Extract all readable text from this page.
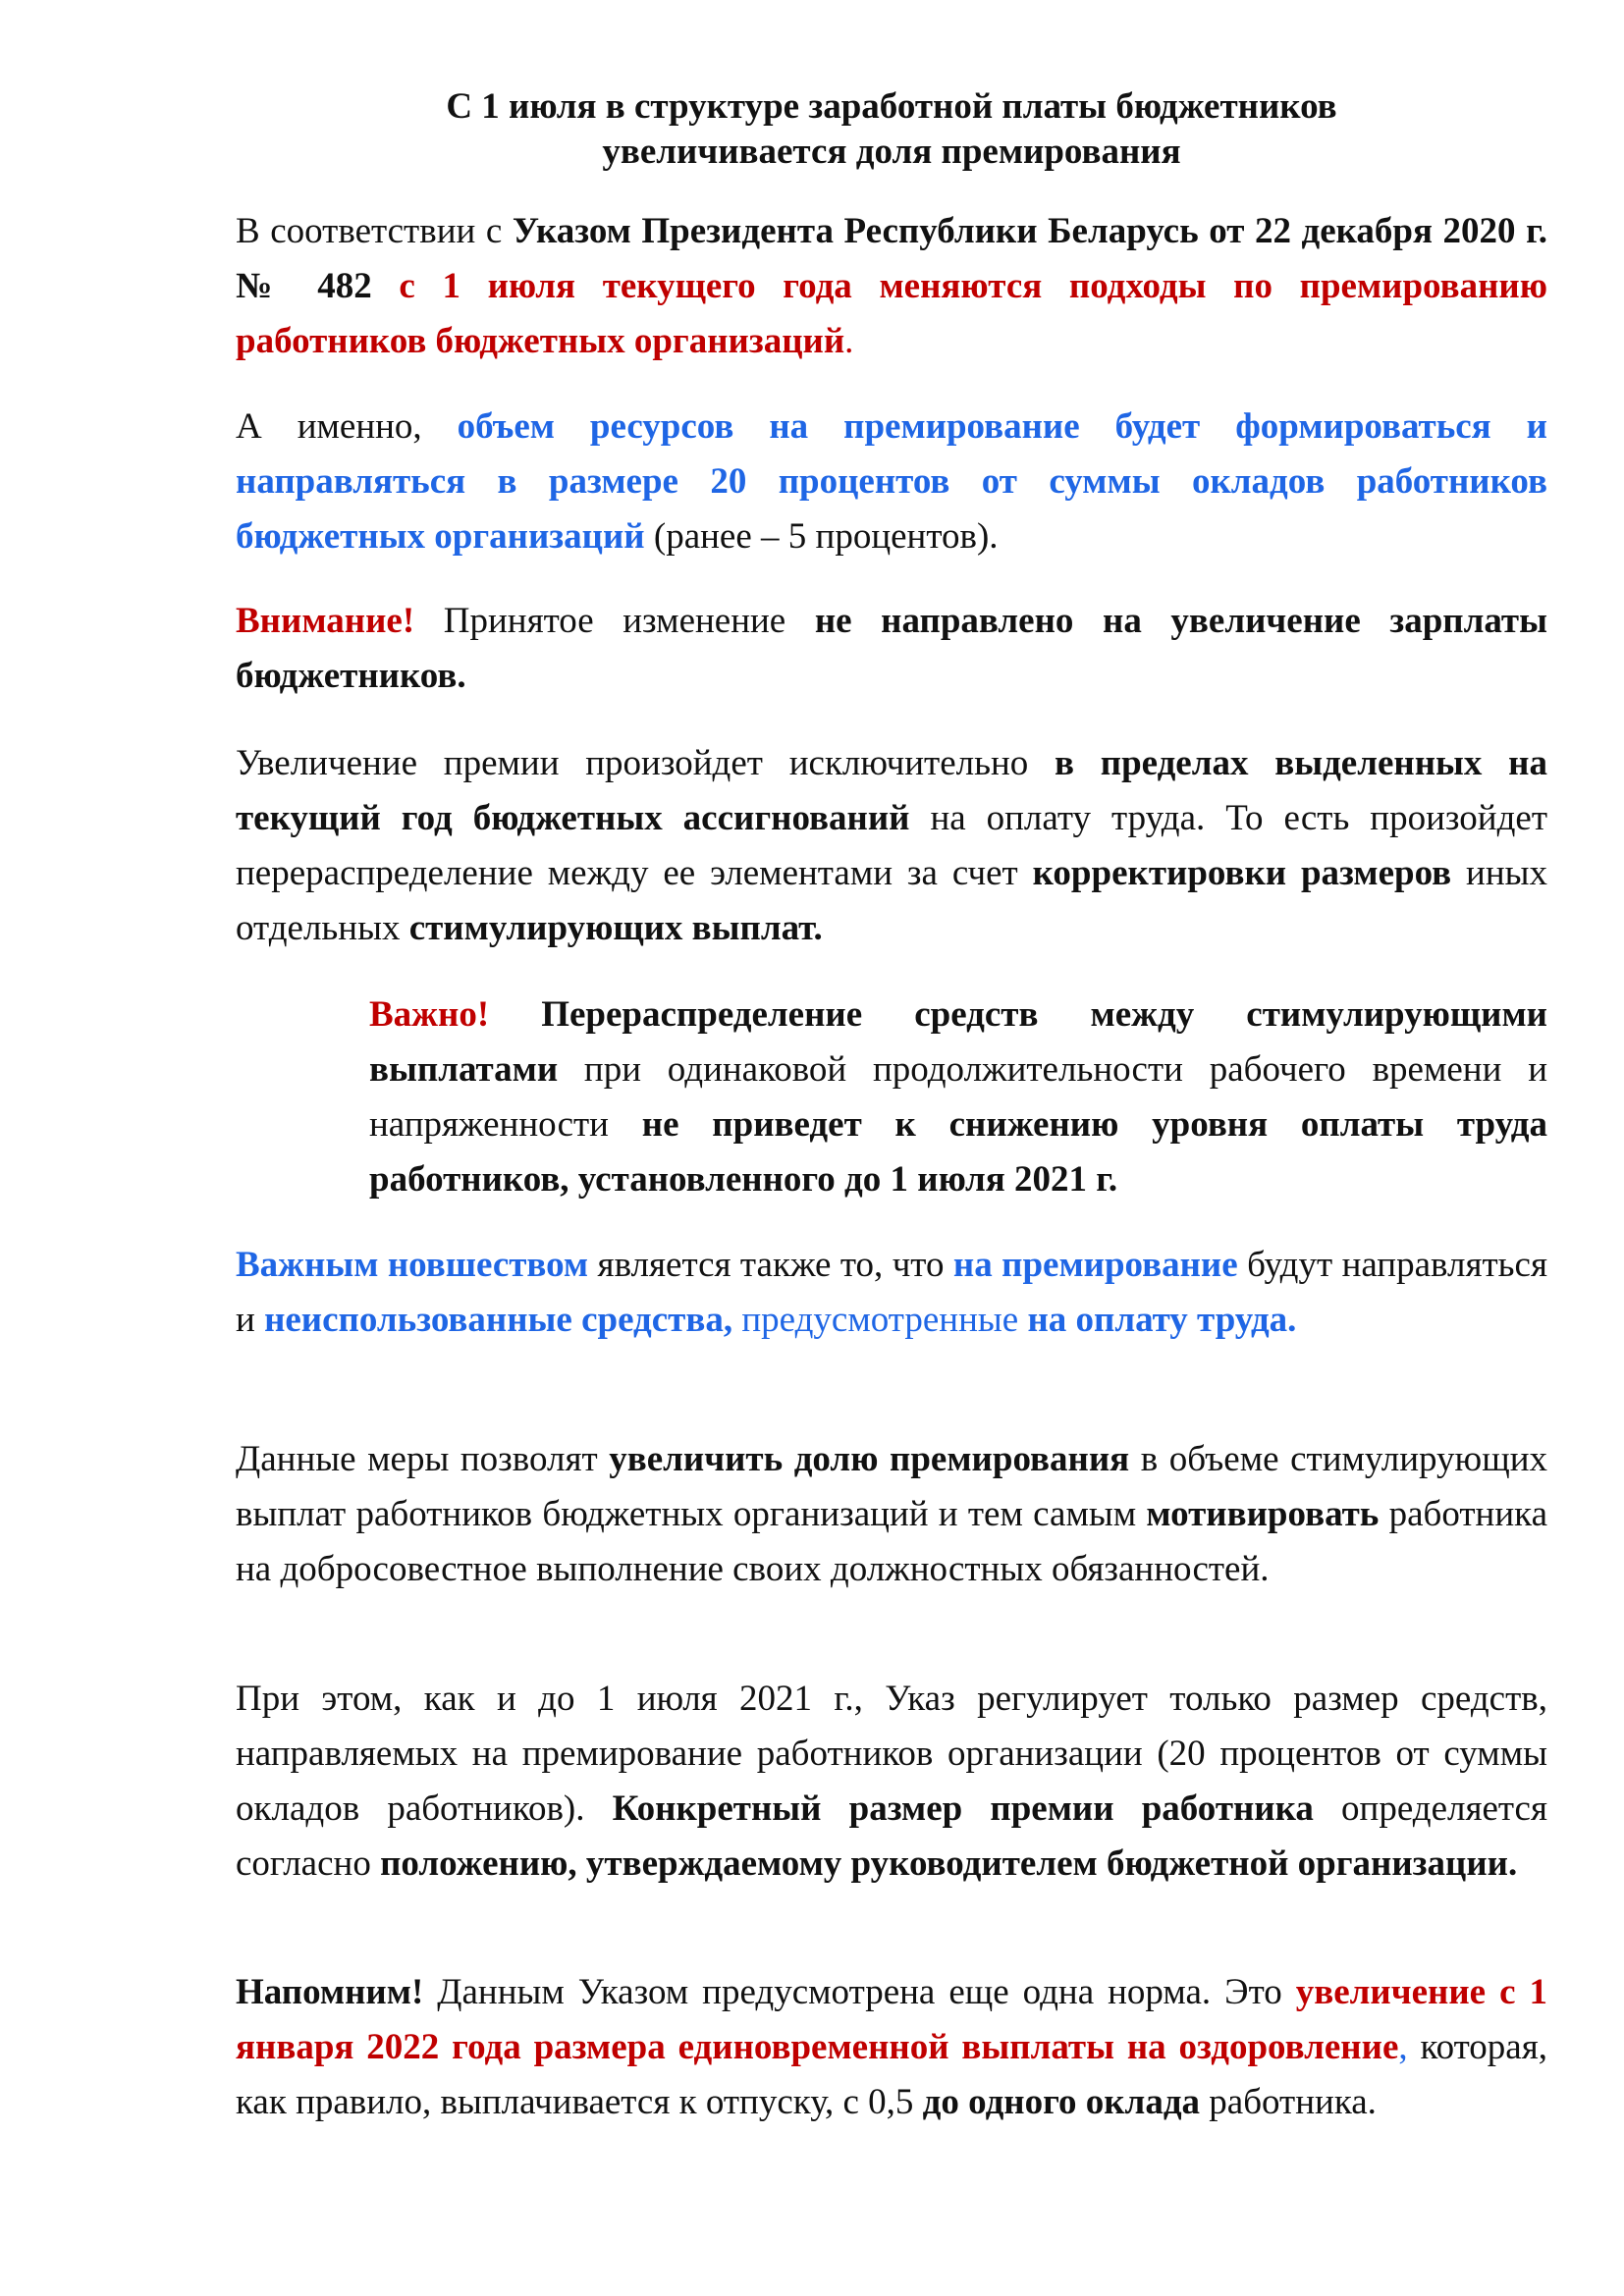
С 1 июля в структуре заработной платы бюджетников
увеличивается доля премирования
В соответствии с Указом Президента Республики Беларусь от 22 декабря 2020 г. № 482 с 1 июля текущего года меняются подходы по премированию работников бюджетных организаций.
А именно, объем ресурсов на премирование будет формироваться и направляться в размере 20 процентов от суммы окладов работников бюджетных организаций (ранее – 5 процентов).
Внимание! Принятое изменение не направлено на увеличение зарплаты бюджетников.
Увеличение премии произойдет исключительно в пределах выделенных на текущий год бюджетных ассигнований на оплату труда. То есть произойдет перераспределение между ее элементами за счет корректировки размеров иных отдельных стимулирующих выплат.
Важно! Перераспределение средств между стимулирующими выплатами при одинаковой продолжительности рабочего времени и напряженности не приведет к снижению уровня оплаты труда работников, установленного до 1 июля 2021 г.
Важным новшеством является также то, что на премирование будут направляться и неиспользованные средства, предусмотренные на оплату труда.
Данные меры позволят увеличить долю премирования в объеме стимулирующих выплат работников бюджетных организаций и тем самым мотивировать работника на добросовестное выполнение своих должностных обязанностей.
При этом, как и до 1 июля 2021 г., Указ регулирует только размер средств, направляемых на премирование работников организации (20 процентов от суммы окладов работников). Конкретный размер премии работника определяется согласно положению, утверждаемому руководителем бюджетной организации.
Напомним! Данным Указом предусмотрена еще одна норма. Это увеличение с 1 января 2022 года размера единовременной выплаты на оздоровление, которая, как правило, выплачивается к отпуску, с 0,5 до одного оклада работника.
